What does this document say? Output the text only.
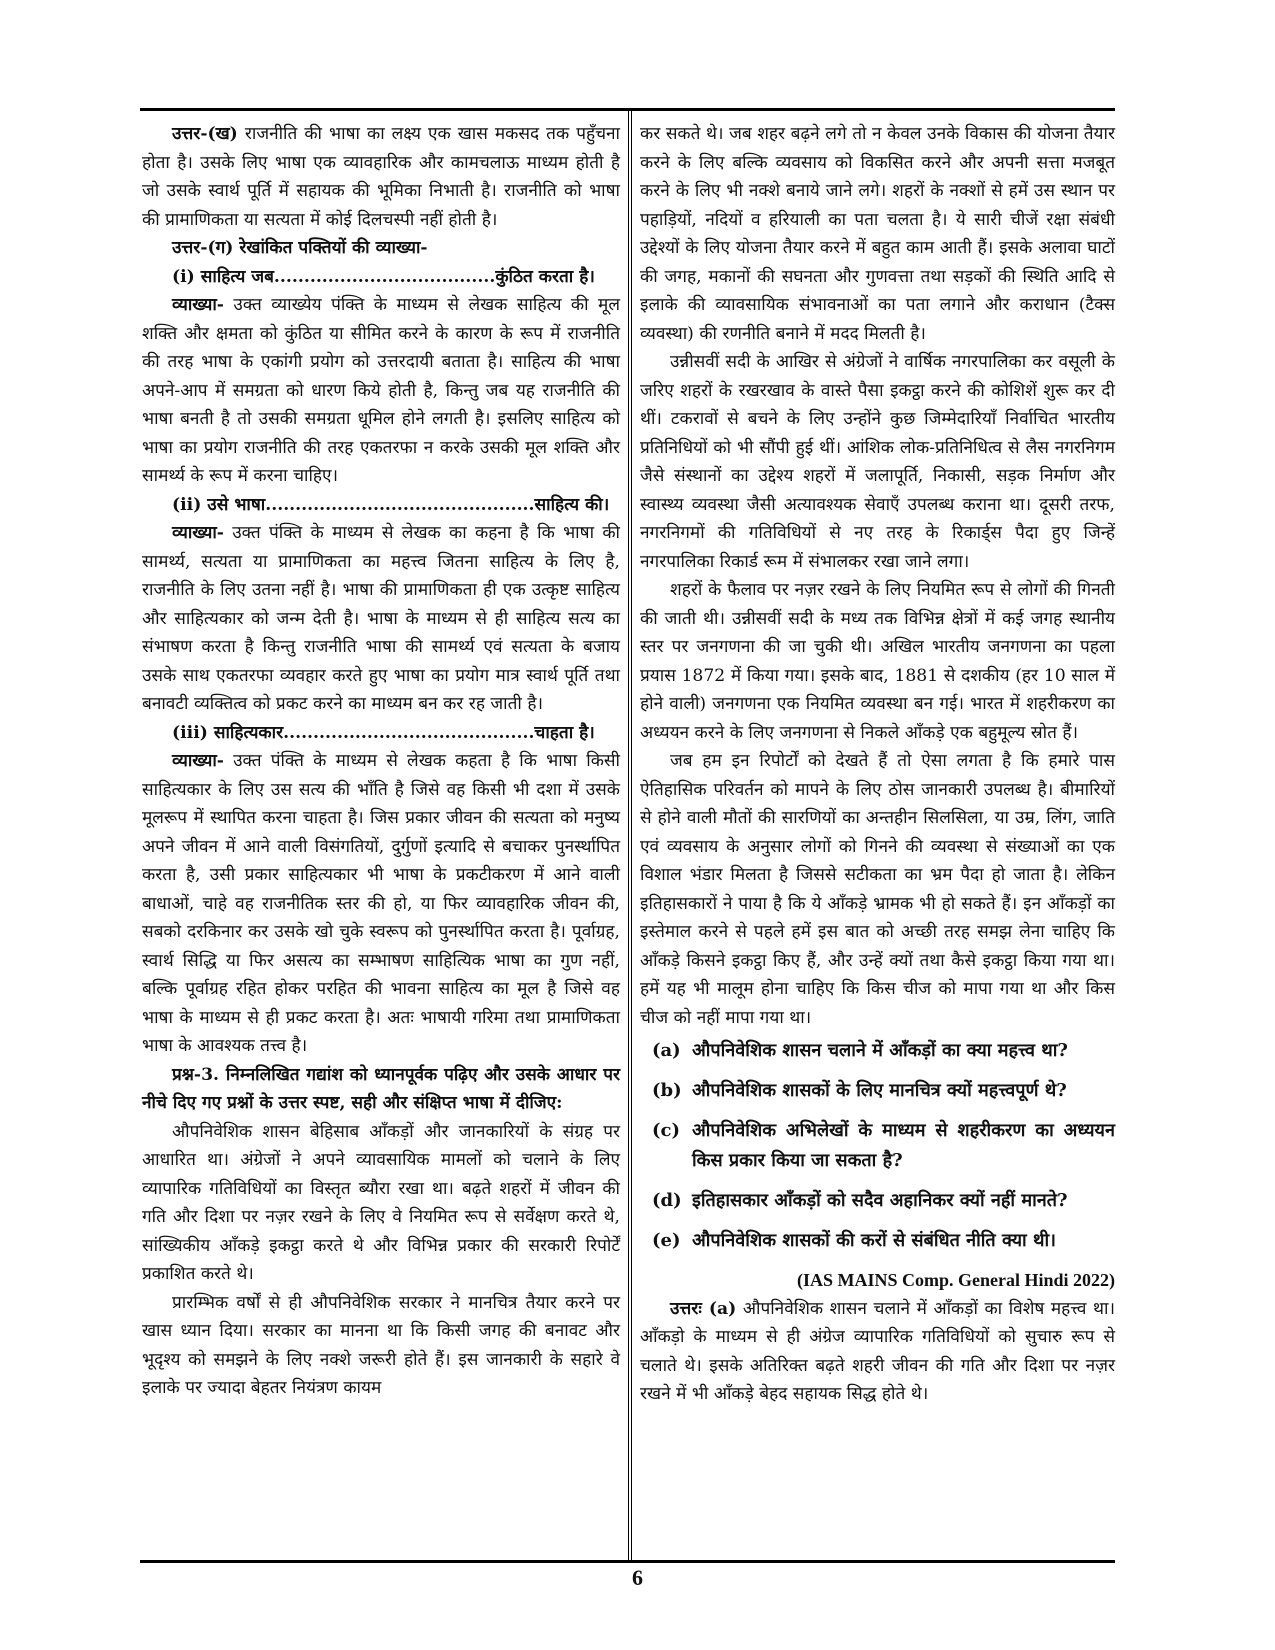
उत्तर-(ख) राजनीति की भाषा का लक्ष्य एक खास मकसद तक पहुँचना होता है। उसके लिए भाषा एक व्यावहारिक और कामचलाऊ माध्यम होती है जो उसके स्वार्थ पूर्ति में सहायक की भूमिका निभाती है। राजनीति को भाषा की प्रामाणिकता या सत्यता में कोई दिलचस्पी नहीं होती है।

उत्तर-(ग) रेखांकित पक्तियों की व्याख्या-

(i) साहित्य जब.....................................कुंठित करता है।

व्याख्या- उक्त व्याख्येय पंक्ति के माध्यम से लेखक साहित्य की मूल शक्ति और क्षमता को कुंठित या सीमित करने के कारण के रूप में राजनीति की तरह भाषा के एकांगी प्रयोग को उत्तरदायी बताता है। साहित्य की भाषा अपने-आप में समग्रता को धारण किये होती है, किन्तु जब यह राजनीति की भाषा बनती है तो उसकी समग्रता धूमिल होने लगती है। इसलिए साहित्य को भाषा का प्रयोग राजनीति की तरह एकतरफा न करके उसकी मूल शक्ति और सामर्थ्य के रूप में करना चाहिए।

(ii) उसे भाषा.............................................साहित्य की।

व्याख्या- उक्त पंक्ति के माध्यम से लेखक का कहना है कि भाषा की सामर्थ्य, सत्यता या प्रामाणिकता का महत्त्व जितना साहित्य के लिए है, राजनीति के लिए उतना नहीं है। भाषा की प्रामाणिकता ही एक उत्कृष्ट साहित्य और साहित्यकार को जन्म देती है। भाषा के माध्यम से ही साहित्य सत्य का संभाषण करता है किन्तु राजनीति भाषा की सामर्थ्य एवं सत्यता के बजाय उसके साथ एकतरफा व्यवहार करते हुए भाषा का प्रयोग मात्र स्वार्थ पूर्ति तथा बनावटी व्यक्तित्व को प्रकट करने का माध्यम बन कर रह जाती है।

(iii) साहित्यकार..........................................चाहता है।

व्याख्या- उक्त पंक्ति के माध्यम से लेखक कहता है कि भाषा किसी साहित्यकार के लिए उस सत्य की भाँति है जिसे वह किसी भी दशा में उसके मूलरूप में स्थापित करना चाहता है। जिस प्रकार जीवन की सत्यता को मनुष्य अपने जीवन में आने वाली विसंगतियों, दुर्गुणों इत्यादि से बचाकर पुनर्स्थापित करता है, उसी प्रकार साहित्यकार भी भाषा के प्रकटीकरण में आने वाली बाधाओं, चाहे वह राजनीतिक स्तर की हो, या फिर व्यावहारिक जीवन की, सबको दरकिनार कर उसके खो चुके स्वरूप को पुनर्स्थापित करता है। पूर्वाग्रह, स्वार्थ सिद्धि या फिर असत्य का सम्भाषण साहित्यिक भाषा का गुण नहीं, बल्कि पूर्वाग्रह रहित होकर परहित की भावना साहित्य का मूल है जिसे वह भाषा के माध्यम से ही प्रकट करता है। अतः भाषायी गरिमा तथा प्रामाणिकता भाषा के आवश्यक तत्त्व है।

प्रश्न-3. निम्नलिखित गद्यांश को ध्यानपूर्वक पढ़िए और उसके आधार पर नीचे दिए गए प्रश्नों के उत्तर स्पष्ट, सही और संक्षिप्त भाषा में दीजिए:

औपनिवेशिक शासन बेहिसाब आँकड़ों और जानकारियों के संग्रह पर आधारित था। अंग्रेजों ने अपने व्यावसायिक मामलों को चलाने के लिए व्यापारिक गतिविधियों का विस्तृत ब्यौरा रखा था। बढ़ते शहरों में जीवन की गति और दिशा पर नज़र रखने के लिए वे नियमित रूप से सर्वेक्षण करते थे, सांख्यिकीय आँकड़े इकट्ठा करते थे और विभिन्न प्रकार की सरकारी रिपोर्टें प्रकाशित करते थे।

प्रारम्भिक वर्षों से ही औपनिवेशिक सरकार ने मानचित्र तैयार करने पर खास ध्यान दिया। सरकार का मानना था कि किसी जगह की बनावट और भूदृश्य को समझने के लिए नक्शे जरूरी होते हैं। इस जानकारी के सहारे वे इलाके पर ज्यादा बेहतर नियंत्रण कायम

कर सकते थे। जब शहर बढ़ने लगे तो न केवल उनके विकास की योजना तैयार करने के लिए बल्कि व्यवसाय को विकसित करने और अपनी सत्ता मजबूत करने के लिए भी नक्शे बनाये जाने लगे। शहरों के नक्शों से हमें उस स्थान पर पहाड़ियों, नदियों व हरियाली का पता चलता है। ये सारी चीजें रक्षा संबंधी उद्देश्यों के लिए योजना तैयार करने में बहुत काम आती हैं। इसके अलावा घाटों की जगह, मकानों की सघनता और गुणवत्ता तथा सड़कों की स्थिति आदि से इलाके की व्यावसायिक संभावनाओं का पता लगाने और कराधान (टैक्स व्यवस्था) की रणनीति बनाने में मदद मिलती है।

उन्नीसवीं सदी के आखिर से अंग्रेजों ने वार्षिक नगरपालिका कर वसूली के जरिए शहरों के रखरखाव के वास्ते पैसा इकट्ठा करने की कोशिशें शुरू कर दी थीं। टकरावों से बचने के लिए उन्होंने कुछ जिम्मेदारियाँ निर्वाचित भारतीय प्रतिनिधियों को भी सौंपी हुई थीं। आंशिक लोक-प्रतिनिधित्व से लैस नगरनिगम जैसे संस्थानों का उद्देश्य शहरों में जलापूर्ति, निकासी, सड़क निर्माण और स्वास्थ्य व्यवस्था जैसी अत्यावश्यक सेवाएँ उपलब्ध कराना था। दूसरी तरफ, नगरनिगमों की गतिविधियों से नए तरह के रिकार्ड्स पैदा हुए जिन्हें नगरपालिका रिकार्ड रूम में संभालकर रखा जाने लगा।

शहरों के फैलाव पर नज़र रखने के लिए नियमित रूप से लोगों की गिनती की जाती थी। उन्नीसवीं सदी के मध्य तक विभिन्न क्षेत्रों में कई जगह स्थानीय स्तर पर जनगणना की जा चुकी थी। अखिल भारतीय जनगणना का पहला प्रयास 1872 में किया गया। इसके बाद, 1881 से दशकीय (हर 10 साल में होने वाली) जनगणना एक नियमित व्यवस्था बन गई। भारत में शहरीकरण का अध्ययन करने के लिए जनगणना से निकले आँकड़े एक बहुमूल्य स्रोत हैं।

जब हम इन रिपोर्टों को देखते हैं तो ऐसा लगता है कि हमारे पास ऐतिहासिक परिवर्तन को मापने के लिए ठोस जानकारी उपलब्ध है। बीमारियों से होने वाली मौतों की सारणियों का अन्तहीन सिलसिला, या उम्र, लिंग, जाति एवं व्यवसाय के अनुसार लोगों को गिनने की व्यवस्था से संख्याओं का एक विशाल भंडार मिलता है जिससे सटीकता का भ्रम पैदा हो जाता है। लेकिन इतिहासकारों ने पाया है कि ये आँकड़े भ्रामक भी हो सकते हैं। इन आँकड़ों का इस्तेमाल करने से पहले हमें इस बात को अच्छी तरह समझ लेना चाहिए कि आँकड़े किसने इकट्ठा किए हैं, और उन्हें क्यों तथा कैसे इकट्ठा किया गया था। हमें यह भी मालूम होना चाहिए कि किस चीज को मापा गया था और किस चीज को नहीं मापा गया था।

(a) औपनिवेशिक शासन चलाने में आँकड़ों का क्या महत्त्व था?
(b) औपनिवेशिक शासकों के लिए मानचित्र क्यों महत्त्वपूर्ण थे?
(c) औपनिवेशिक अभिलेखों के माध्यम से शहरीकरण का अध्ययन किस प्रकार किया जा सकता है?
(d) इतिहासकार आँकड़ों को सदैव अहानिकर क्यों नहीं मानते?
(e) औपनिवेशिक शासकों की करों से संबंधित नीति क्या थी।

(IAS MAINS Comp. General Hindi 2022)

उत्तरः (a) औपनिवेशिक शासन चलाने में आँकड़ों का विशेष महत्त्व था। आँकड़ो के माध्यम से ही अंग्रेज व्यापारिक गतिविधियों को सुचारु रूप से चलाते थे। इसके अतिरिक्त बढ़ते शहरी जीवन की गति और दिशा पर नज़र रखने में भी आँकड़े बेहद सहायक सिद्ध होते थे।

6
